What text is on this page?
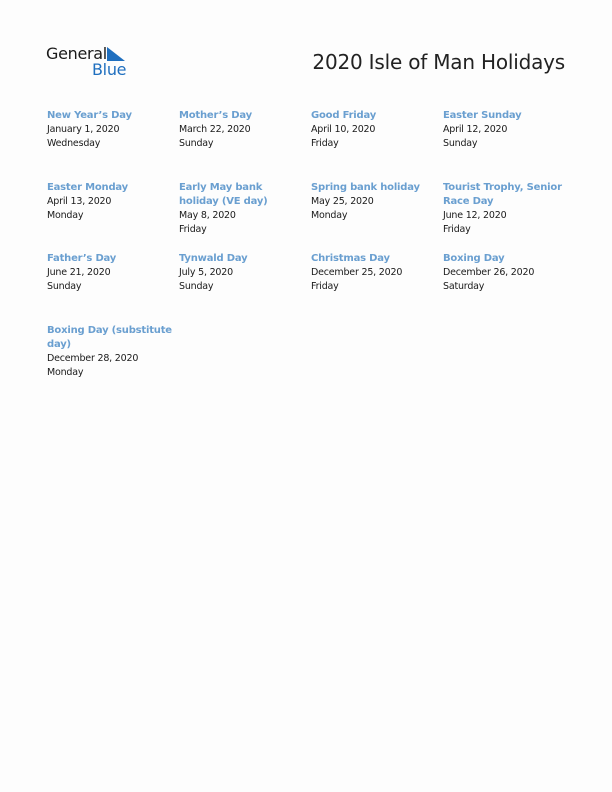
General
Blue	2020 Isle of Man Holidays
New Year’s Day
January 1, 2020
Wednesday
Mother’s Day
March 22, 2020
Sunday
Good Friday
April 10, 2020
Friday
Easter Sunday
April 12, 2020
Sunday
Easter Monday
April 13, 2020
Monday
Early May bank holiday (VE day)
May 8, 2020
Friday
Spring bank holiday
May 25, 2020
Monday
Tourist Trophy, Senior Race Day
June 12, 2020
Friday
Father’s Day
June 21, 2020
Sunday
Tynwald Day
July 5, 2020
Sunday
Christmas Day
December 25, 2020
Friday
Boxing Day
December 26, 2020
Saturday
Boxing Day (substitute day)
December 28, 2020
Monday
